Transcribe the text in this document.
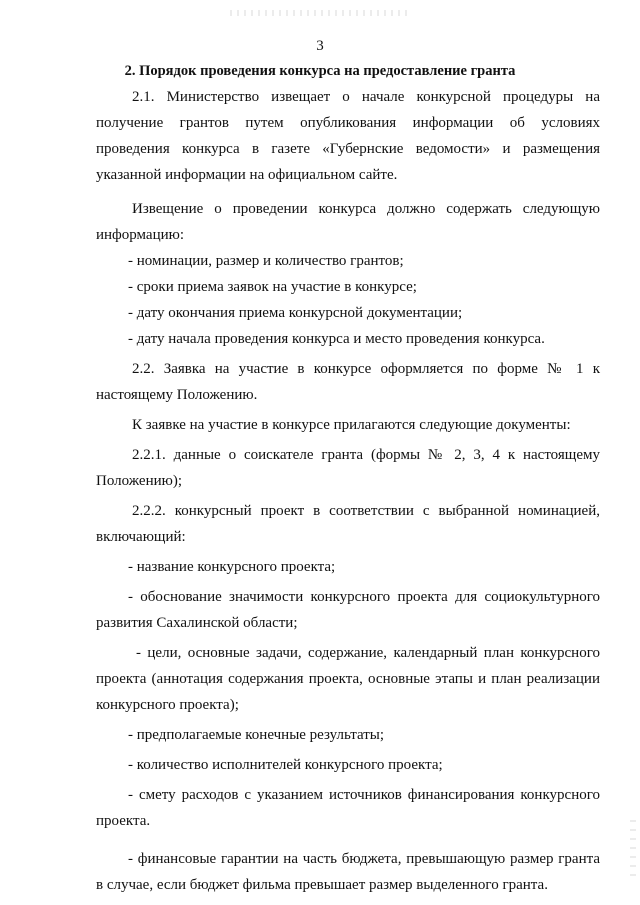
3
2. Порядок проведения конкурса на предоставление гранта

2.1. Министерство извещает о начале конкурсной процедуры на получение грантов путем опубликования информации об условиях проведения конкурса в газете «Губернские ведомости» и размещения указанной информации на официальном сайте.

Извещение о проведении конкурса должно содержать следующую информацию:

- номинации, размер и количество грантов;

- сроки приема заявок на участие в конкурсе;

- дату окончания приема конкурсной документации;

- дату начала проведения конкурса и место проведения конкурса.

2.2. Заявка на участие в конкурсе оформляется по форме № 1 к настоящему Положению.

К заявке на участие в конкурсе прилагаются следующие документы:

2.2.1. данные о соискателе гранта (формы № 2, 3, 4 к настоящему Положению);

2.2.2. конкурсный проект в соответствии с выбранной номинацией, включающий:

- название конкурсного проекта;

- обоснование значимости конкурсного проекта для социокультурного развития Сахалинской области;

- цели, основные задачи, содержание, календарный план конкурсного проекта (аннотация содержания проекта, основные этапы и план реализации конкурсного проекта);

- предполагаемые конечные результаты;

- количество исполнителей конкурсного проекта;

- смету расходов с указанием источников финансирования конкурсного проекта.

- финансовые гарантии на часть бюджета, превышающую размер гранта в случае, если бюджет фильма превышает размер выделенного гранта.
